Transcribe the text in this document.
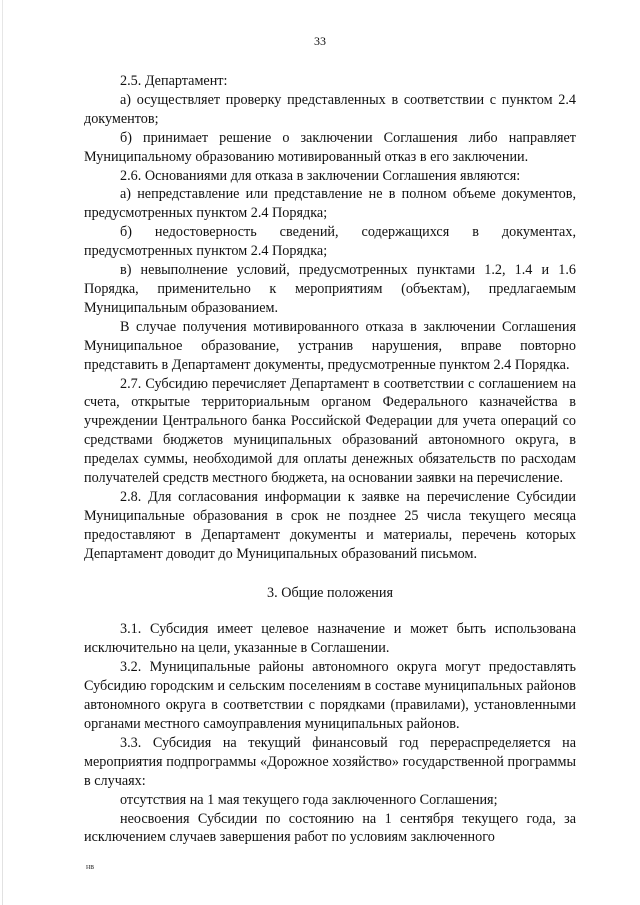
33

2.5. Департамент:

а) осуществляет проверку представленных в соответствии с пунктом 2.4 документов;

б) принимает решение о заключении Соглашения либо направляет Муниципальному образованию мотивированный отказ в его заключении.

2.6. Основаниями для отказа в заключении Соглашения являются:

а) непредставление или представление не в полном объеме документов, предусмотренных пунктом 2.4 Порядка;

б) недостоверность сведений, содержащихся в документах, предусмотренных пунктом 2.4 Порядка;

в) невыполнение условий, предусмотренных пунктами 1.2, 1.4 и 1.6 Порядка, применительно к мероприятиям (объектам), предлагаемым Муниципальным образованием.

В случае получения мотивированного отказа в заключении Соглашения Муниципальное образование, устранив нарушения, вправе повторно представить в Департамент документы, предусмотренные пунктом 2.4 Порядка.

2.7. Субсидию перечисляет Департамент в соответствии с соглашением на счета, открытые территориальным органом Федерального казначейства в учреждении Центрального банка Российской Федерации для учета операций со средствами бюджетов муниципальных образований автономного округа, в пределах суммы, необходимой для оплаты денежных обязательств по расходам получателей средств местного бюджета, на основании заявки на перечисление.

2.8. Для согласования информации к заявке на перечисление Субсидии Муниципальные образования в срок не позднее 25 числа текущего месяца предоставляют в Департамент документы и материалы, перечень которых Департамент доводит до Муниципальных образований письмом.

3. Общие положения

3.1. Субсидия имеет целевое назначение и может быть использована исключительно на цели, указанные в Соглашении.

3.2. Муниципальные районы автономного округа могут предоставлять Субсидию городским и сельским поселениям в составе муниципальных районов автономного округа в соответствии с порядками (правилами), установленными органами местного самоуправления муниципальных районов.

3.3. Субсидия на текущий финансовый год перераспределяется на мероприятия подпрограммы «Дорожное хозяйство» государственной программы в случаях:

отсутствия на 1 мая текущего года заключенного Соглашения;

неосвоения Субсидии по состоянию на 1 сентября текущего года, за исключением случаев завершения работ по условиям заключенного

нв
